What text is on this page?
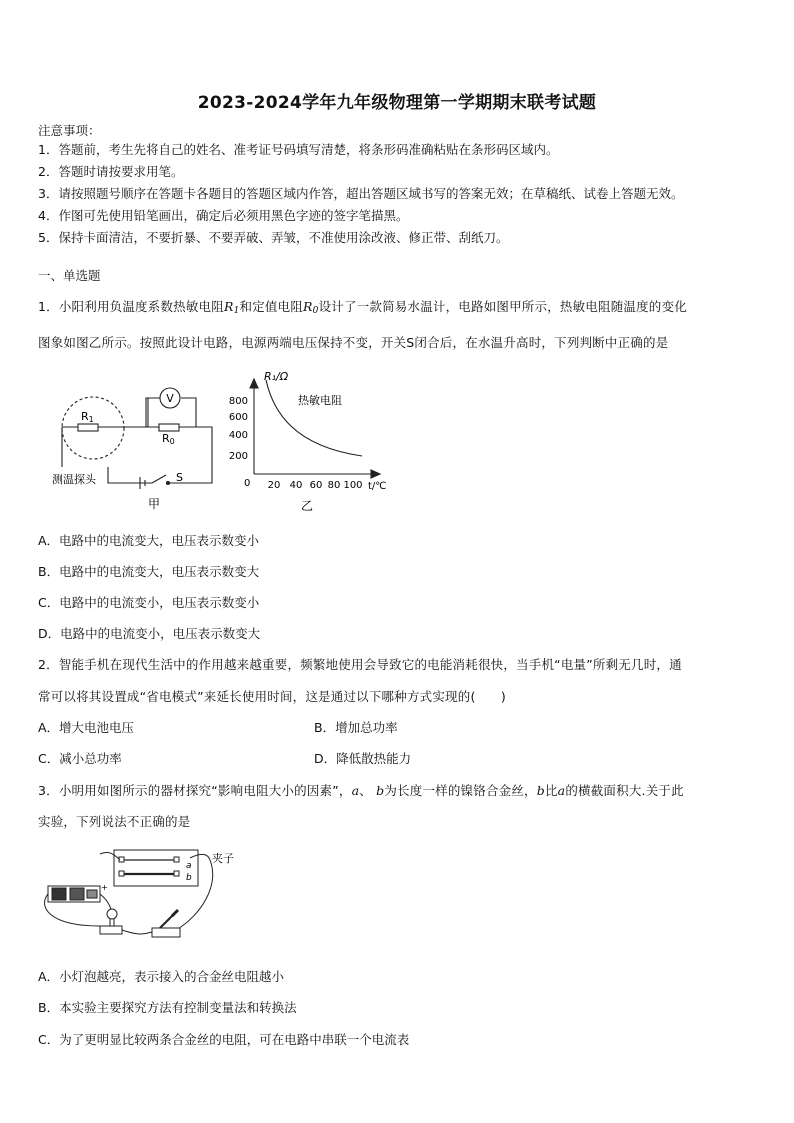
2023-2024学年九年级物理第一学期期末联考试题
注意事项：
1．答题前，考生先将自己的姓名、准考证号码填写清楚，将条形码准确粘贴在条形码区域内。
2．答题时请按要求用笔。
3．请按照题号顺序在答题卡各题目的答题区域内作答，超出答题区域书写的答案无效；在草稿纸、试卷上答题无效。
4．作图可先使用铅笔画出，确定后必须用黑色字迹的签字笔描黑。
5．保持卡面清洁，不要折暴、不要弄破、弄皱，不准使用涂改液、修正带、刮纸刀。
一、单选题
1．小阳利用负温度系数热敏电阻$R_1$和定值电阻$R_0$设计了一款简易水温计，电路如图甲所示，热敏电阻随温度的变化
图象如图乙所示。按照此设计电路，电源两端电压保持不变，开关S闭合后，在水温升高时，下列判断中正确的是
V
R1
R0
S
测温探头
甲
R₁/Ω
t/℃
热敏电阻
0
800
600
400
200
20 40 60 80 100
乙
A．电路中的电流变大，电压表示数变小
B．电路中的电流变大，电压表示数变大
C．电路中的电流变小，电压表示数变小
D．电路中的电流变小，电压表示数变大
2．智能手机在现代生活中的作用越来越重要，频繁地使用会导致它的电能消耗很快，当手机“电量”所剩无几时，通
常可以将其设置成“省电模式”来延长使用时间，这是通过以下哪种方式实现的(　　)
A．增大电池电压	B．增加总功率
C．减小总功率	D．降低散热能力
3．小明用如图所示的器材探究“影响电阻大小的因素”，a、 b为长度一样的镍铬合金丝，b比a的横截面积大.关于此
实验，下列说法不正确的是
a
b
夹子
+
A．小灯泡越亮，表示接入的合金丝电阻越小
B．本实验主要探究方法有控制变量法和转换法
C．为了更明显比较两条合金丝的电阻，可在电路中串联一个电流表
